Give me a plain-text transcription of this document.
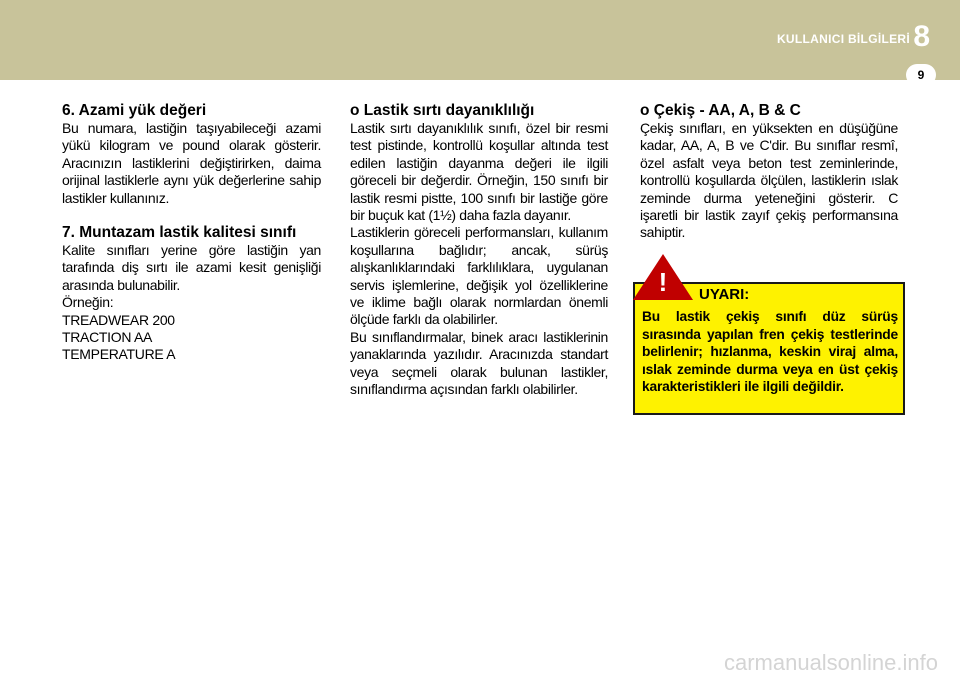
KULLANICI BİLGİLERİ 8
9

6. Azami yük değeri

Bu numara, lastiğin taşıyabileceği azami yükü kilogram ve pound olarak gösterir. Aracınızın lastiklerini değiştirirken, daima orijinal lastiklerle aynı yük değerlerine sahip lastikler kullanınız.

7. Muntazam lastik kalitesi sınıfı

Kalite sınıfları yerine göre lastiğin yan tarafında diş sırtı ile azami kesit genişliği arasında bulunabilir.

Örneğin:

TREADWEAR 200

TRACTION AA

TEMPERATURE A

o Lastik sırtı dayanıklılığı

Lastik sırtı dayanıklılık sınıfı, özel bir resmi test pistinde, kontrollü koşullar altında test edilen lastiğin dayanma değeri ile ilgili göreceli bir değerdir. Örneğin, 150 sınıfı bir lastik resmi pistte, 100 sınıfı bir lastiğe göre bir buçuk kat (1½) daha fazla dayanır.

Lastiklerin göreceli performansları, kullanım koşullarına bağlıdır; ancak, sürüş alışkanlıklarındaki farklılıklara, uygulanan servis işlemlerine, değişik yol özelliklerine ve iklime bağlı olarak normlardan önemli ölçüde farklı da olabilirler.

Bu sınıflandırmalar, binek aracı lastiklerinin yanaklarında yazılıdır. Aracınızda standart veya seçmeli olarak bulunan lastikler, sınıflandırma açısından farklı olabilirler.

o Çekiş - AA, A, B & C

Çekiş sınıfları, en yüksekten en düşüğüne kadar, AA, A, B ve C'dir. Bu sınıflar resmî, özel asfalt veya beton test zeminlerinde, kontrollü koşullarda ölçülen, lastiklerin ıslak zeminde durma yeteneğini gösterir. C işaretli bir lastik zayıf çekiş performansına sahiptir.

!	UYARI:

Bu lastik çekiş sınıfı düz sürüş sırasında yapılan fren çekiş testlerinde belirlenir; hızlanma, keskin viraj alma, ıslak zeminde durma veya en üst çekiş karakteristikleri ile ilgili değildir.

carmanualsonline.info
